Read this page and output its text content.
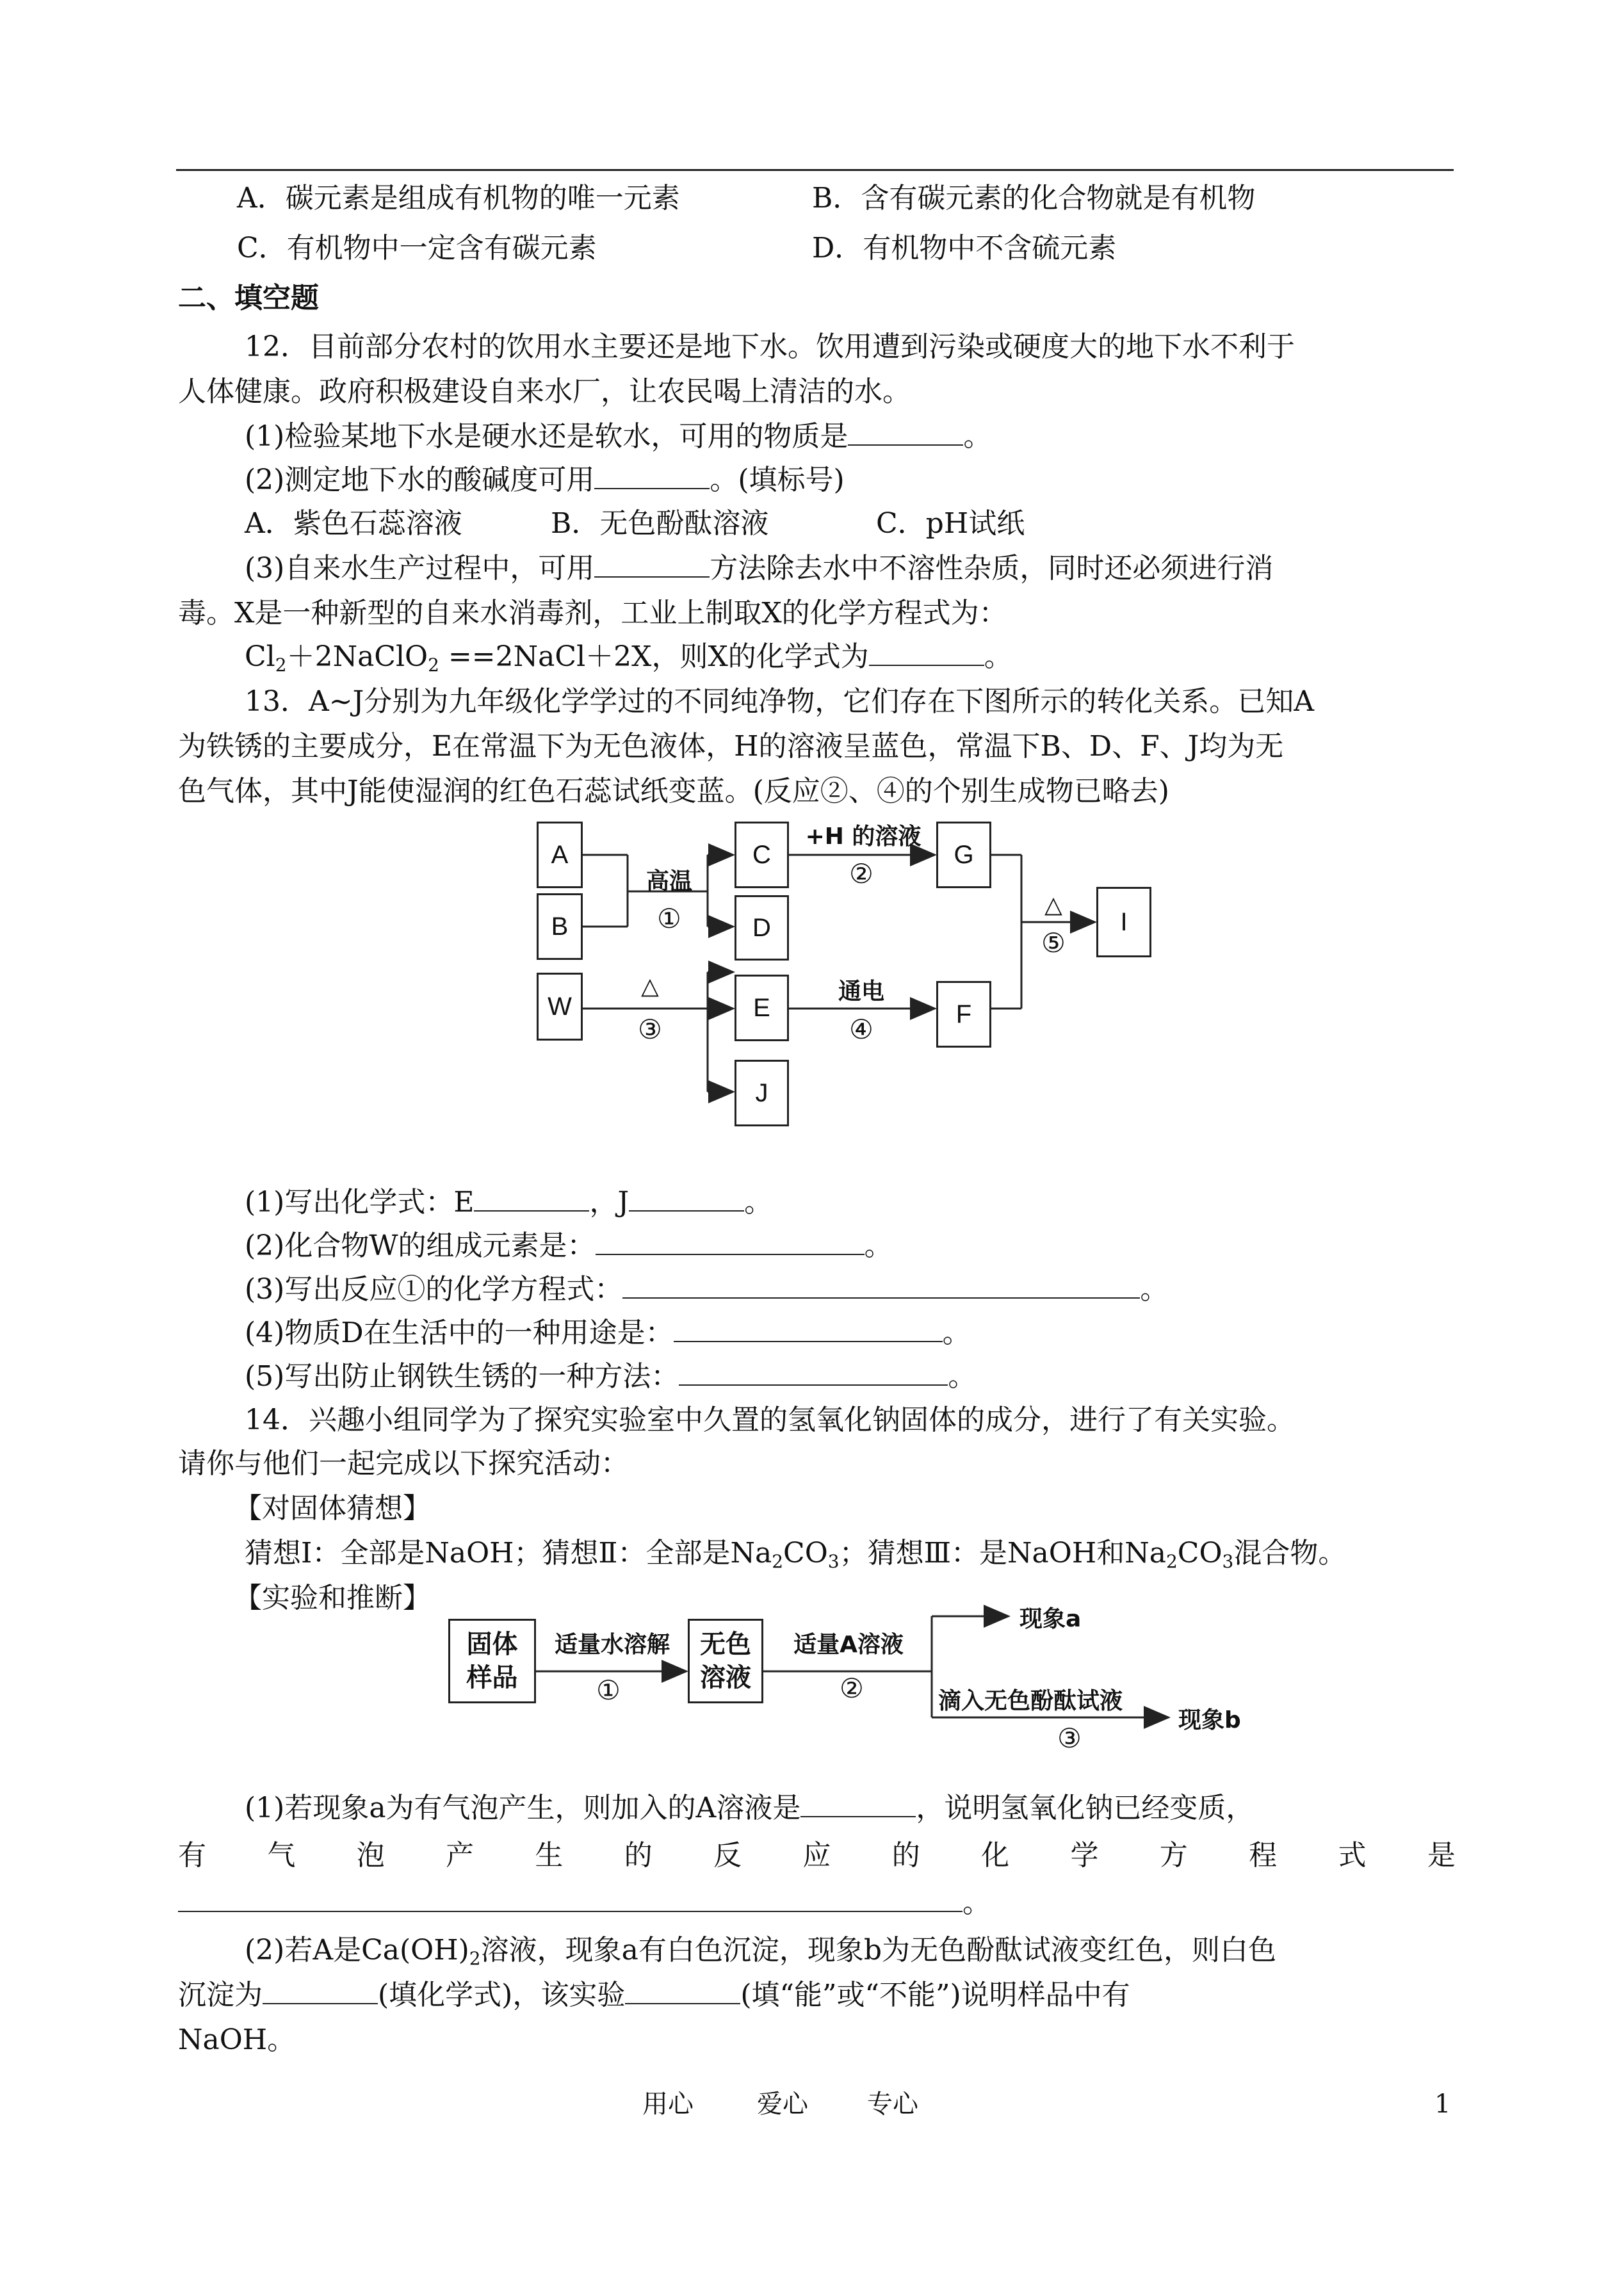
A．碳元素是组成有机物的唯一元素	B．含有碳元素的化合物就是有机物
C．有机物中一定含有碳元素	D．有机物中不含硫元素
二、填空题
12．目前部分农村的饮用水主要还是地下水。饮用遭到污染或硬度大的地下水不利于
人体健康。政府积极建设自来水厂，让农民喝上清洁的水。
(1)检验某地下水是硬水还是软水，可用的物质是	。
(2)测定地下水的酸碱度可用	。(填标号)
A．紫色石蕊溶液	B．无色酚酞溶液	C．pH试纸
(3)自来水生产过程中，可用	方法除去水中不溶性杂质，同时还必须进行消
毒。X是一种新型的自来水消毒剂，工业上制取X的化学方程式为：
$Cl_2+2NaClO_2$ ==2NaCl＋2X，则X的化学式为	。
13．A~J分别为九年级化学学过的不同纯净物，它们存在下图所示的转化关系。已知A
为铁锈的主要成分，E在常温下为无色液体，H的溶液呈蓝色，常温下B、D、F、J均为无
色气体，其中J能使湿润的红色石蕊试纸变蓝。(反应②、④的个别生成物已略去)
A
B
W
C
D
E
J
G
F
I
高温
①
△
③
+H 的溶液
②
通电
④
△
⑤
(1)写出化学式：E	，J	。
(2)化合物W的组成元素是：	。
(3)写出反应①的化学方程式：	。
(4)物质D在生活中的一种用途是：	。
(5)写出防止钢铁生锈的一种方法：	。
14．兴趣小组同学为了探究实验室中久置的氢氧化钠固体的成分，进行了有关实验。
请你与他们一起完成以下探究活动：
【对固体猜想】
猜想Ⅰ：全部是NaOH；猜想Ⅱ：全部是$Na_2CO_3$；猜想Ⅲ：是NaOH和$Na_2CO_3$混合物。
【实验和推断】
固体
样品
无色
溶液
适量水溶解
①
适量A溶液
②	滴入无色酚酞试液
③
现象a
现象b
(1)若现象a为有气泡产生，则加入的A溶液是	，说明氢氧化钠已经变质，
有 气 泡 产 生 的 反 应 的 化 学 方 程 式 是
。
(2)若A是$Ca(OH)_2$溶液，现象a有白色沉淀，现象b为无色酚酞试液变红色，则白色
沉淀为	(填化学式)，该实验	(填“能”或“不能”)说明样品中有
NaOH。
用心 爱心 专心	1
